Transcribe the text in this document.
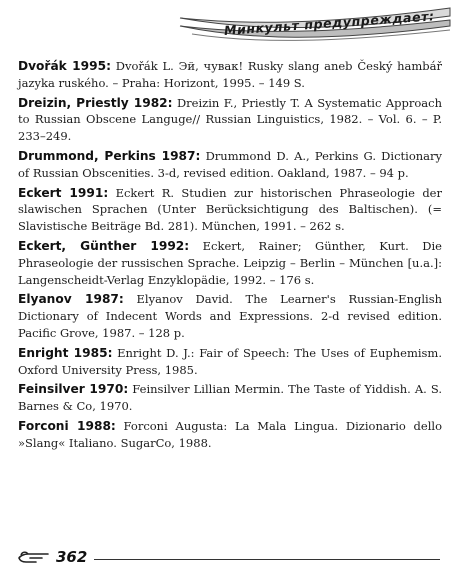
Минкульт предупреждает:

Dvořák 1995: Dvořák L. Эй, чувак! Rusky slang aneb Český hambář jazyka ruského. – Praha: Horizont, 1995. – 149 S.

Dreizin, Priestly 1982: Dreizin F., Priestly T. A Systematic Approach to Russian Obscene Languge// Russian Linguistics, 1982. – Vol. 6. – P. 233–249.

Drummond, Perkins 1987: Drummond D. A., Perkins G. Dictionary of Russian Obscenities. 3-d, revised edition. Oakland, 1987. – 94 p.

Eckert 1991: Eckert R. Studien zur historischen Phraseologie der slawischen Sprachen (Unter Berücksichtigung des Baltischen). (= Slavistische Beiträge Bd. 281). München, 1991. – 262 s.

Eckert, Günther 1992: Eckert, Rainer; Günther, Kurt. Die Phraseologie der russischen Sprache. Leipzig – Berlin – München [u.a.]: Langenscheidt-Verlag Enzyklopädie, 1992. – 176 s.

Elyanov 1987: Elyanov David. The Learner's Russian-English Dictionary of Indecent Words and Expressions. 2-d revised edition. Pacific Grove, 1987. – 128 p.

Enright 1985: Enright D. J.: Fair of Speech: The Uses of Euphemism. Oxford University Press, 1985.

Feinsilver 1970: Feinsilver Lillian Mermin. The Taste of Yiddish. A. S. Barnes & Co, 1970.

Forconi 1988: Forconi Augusta: La Mala Lingua. Dizionario dello »Slang« Italiano. SugarCo, 1988.

362
